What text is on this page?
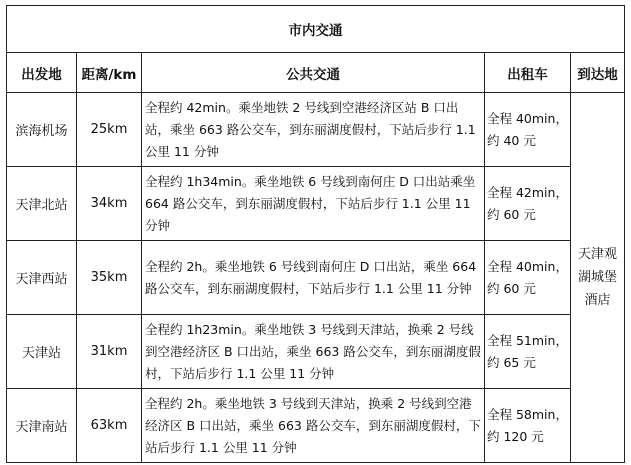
市内交通				
出发地	距离/km	公共交通	出租车	到达地
滨海机场	25km	全程约 42min。乘坐地铁 2 号线到空港经济区站 B 口出站，乘坐 663 路公交车，到东丽湖度假村，下站后步行 1.1 公里 11 分钟	全程 40min，约 40 元	天津观湖城堡酒店
天津北站	34km	全程约 1h34min。乘坐地铁 6 号线到南何庄 D 口出站乘坐 664 路公交车，到东丽湖度假村，下站后步行 1.1 公里 11 分钟	全程 42min，约 60 元	
天津西站	35km	全程约 2h。乘坐地铁 6 号线到南何庄 D 口出站，乘坐 664 路公交车，到东丽湖度假村，下站后步行 1.1 公里 11 分钟	全程 40min，约 60 元	
天津站	31km	全程约 1h23min。乘坐地铁 3 号线到天津站，换乘 2 号线到空港经济区 B 口出站，乘坐 663 路公交车，到东丽湖度假村，下站后步行 1.1 公里 11 分钟	全程 51min，约 65 元	
天津南站	63km	全程约 2h。乘坐地铁 3 号线到天津站，换乘 2 号线到空港经济区 B 口出站，乘坐 663 路公交车，到东丽湖度假村，下站后步行 1.1 公里 11 分钟	全程 58min，约 120 元	
